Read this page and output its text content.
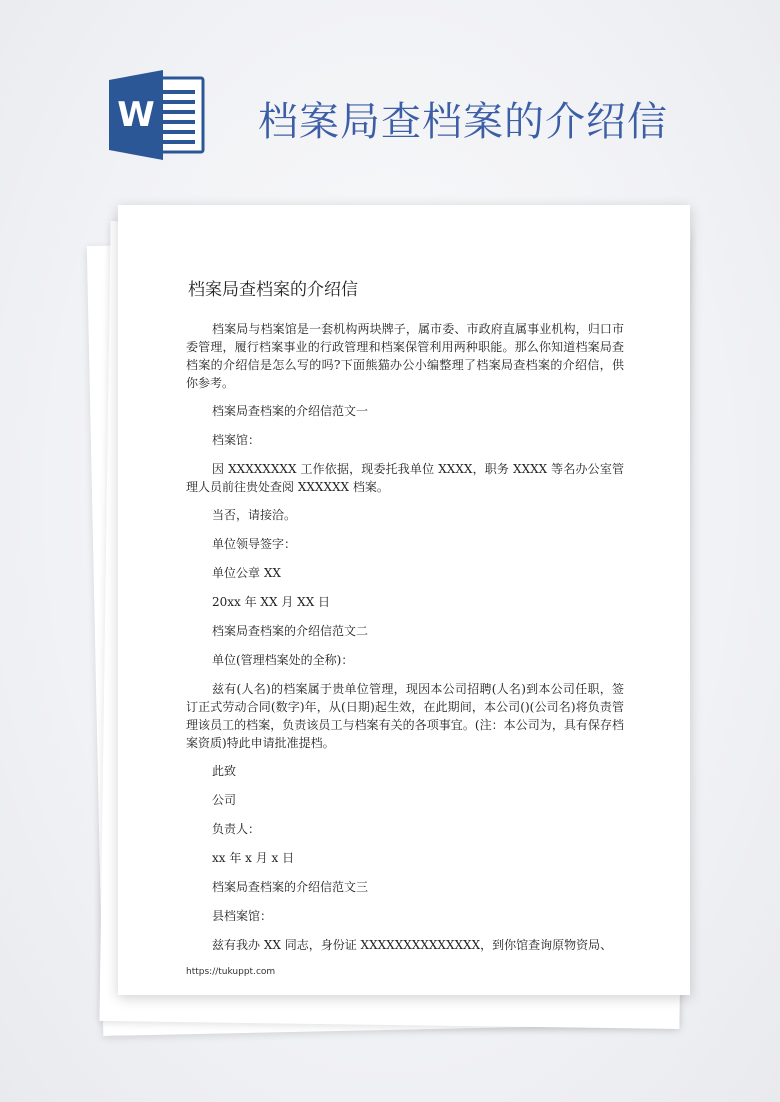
W	档案局查档案的介绍信
档案局查档案的介绍信

档案局与档案馆是一套机构两块牌子，属市委、市政府直属事业机构，归口市委管理，履行档案事业的行政管理和档案保管利用两种职能。那么你知道档案局查档案的介绍信是怎么写的吗?下面熊猫办公小编整理了档案局查档案的介绍信，供你参考。

档案局查档案的介绍信范文一

档案馆：

因 XXXXXXXX 工作依据，现委托我单位 XXXX，职务 XXXX 等名办公室管理人员前往贵处查阅 XXXXXX 档案。

当否，请接洽。

单位领导签字：

单位公章 XX

20xx 年 XX 月 XX 日

档案局查档案的介绍信范文二

单位(管理档案处的全称)：

兹有(人名)的档案属于贵单位管理，现因本公司招聘(人名)到本公司任职，签订正式劳动合同(数字)年，从(日期)起生效，在此期间，本公司()(公司名)将负责管理该员工的档案，负责该员工与档案有关的各项事宜。(注：本公司为，具有保存档案资质)特此申请批准提档。

此致

公司

负责人：

xx 年 x 月 x 日

档案局查档案的介绍信范文三

县档案馆：

兹有我办 XX 同志，身份证 XXXXXXXXXXXXXX，到你馆查询原物资局、

https://tukuppt.com
